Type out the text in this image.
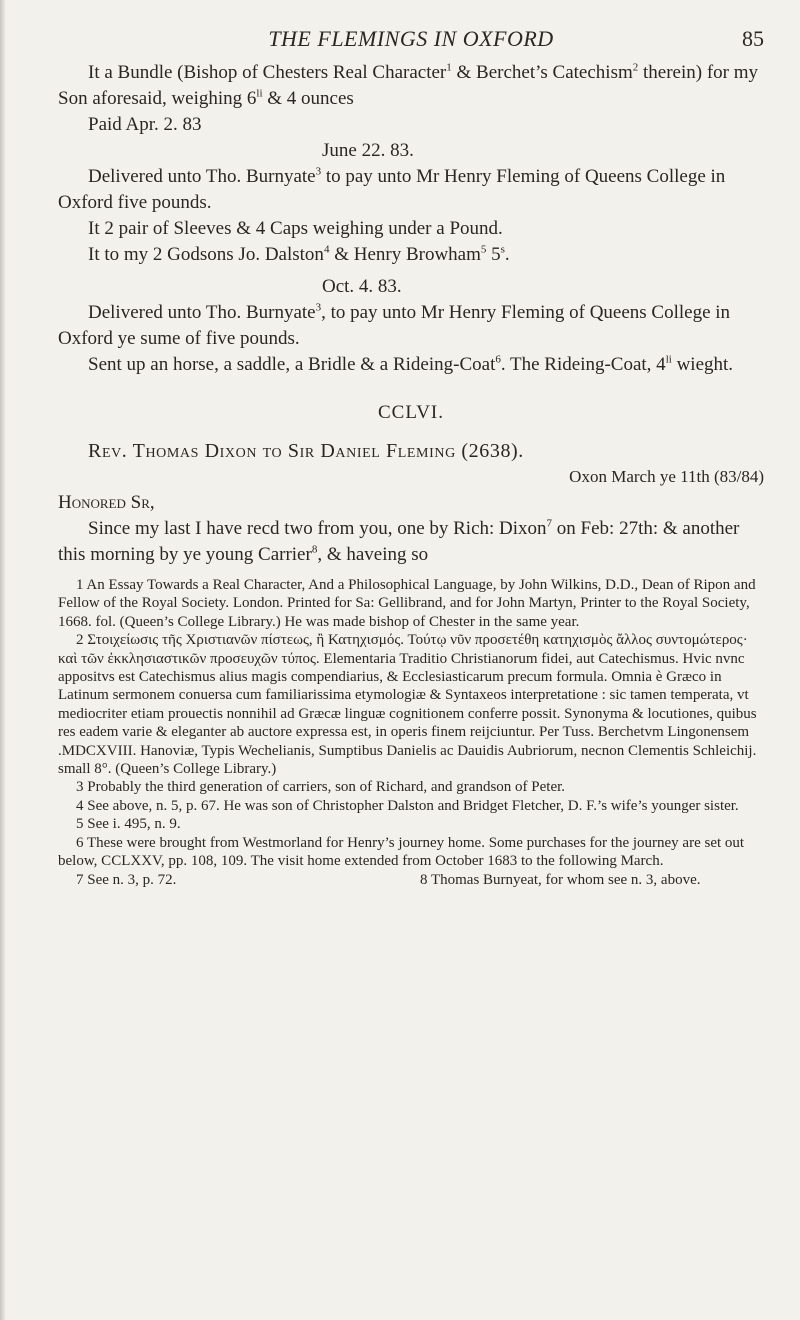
THE FLEMINGS IN OXFORD	85

It a Bundle (Bishop of Chesters Real Character$^1$ & Berchet’s Catechism$^2$ therein) for my Son aforesaid, weighing $6^{li}$ & 4 ounces

Paid Apr. 2. 83

June 22. 83.

Delivered unto Tho. Burnyate$^3$ to pay unto Mr Henry Fleming of Queens College in Oxford five pounds.

It 2 pair of Sleeves & 4 Caps weighing under a Pound.

It to my 2 Godsons Jo. Dalston$^4$ & Henry Browham$^5$ 5$^s$.

Oct. 4. 83.

Delivered unto Tho. Burnyate$^3$, to pay unto Mr Henry Fleming of Queens College in Oxford ye sume of five pounds.

Sent up an horse, a saddle, a Bridle & a Rideing-Coat$^6$. The Rideing-Coat, $4^{li}$ wieght.

CCLVI.

Rev. Thomas Dixon to Sir Daniel Fleming (2638).

Oxon March ye 11th (83/84)

Honored Sr,

Since my last I have recd two from you, one by Rich: Dixon$^7$ on Feb: 27th: & another this morning by ye young Carrier$^8$, & haveing so

1 An Essay Towards a Real Character, And a Philosophical Language, by John Wilkins, D.D., Dean of Ripon and Fellow of the Royal Society. London. Printed for Sa: Gellibrand, and for John Martyn, Printer to the Royal Society, 1668. fol. (Queen’s College Library.) He was made bishop of Chester in the same year.

2 Στοιχείωσις τῆς Χριστιανῶν πίστεως, ἢ Κατηχισμός. Τούτῳ νῦν προσετέθη κατηχισμὸς ἄλλος συντομώτερος· καὶ τῶν ἐκκλησιαστικῶν προσευχῶν τύπος. Elementaria Traditio Christianorum fidei, aut Catechismus. Hvic nvnc appositvs est Catechismus alius magis compendiarius, & Ecclesiasticarum precum formula. Omnia è Græco in Latinum sermonem conuersa cum familiarissima etymologiæ & Syntaxeos interpretatione : sic tamen temperata, vt mediocriter etiam prouectis nonnihil ad Græcæ linguæ cognitionem conferre possit. Synonyma & locutiones, quibus res eadem varie & eleganter ab auctore expressa est, in operis finem reijciuntur. Per Tuss. Berchetvm Lingonensem .MDCXVIII. Hanoviæ, Typis Wechelianis, Sumptibus Danielis ac Dauidis Aubriorum, necnon Clementis Schleichij. small 8°. (Queen’s College Library.)

3 Probably the third generation of carriers, son of Richard, and grandson of Peter.

4 See above, n. 5, p. 67. He was son of Christopher Dalston and Bridget Fletcher, D. F.’s wife’s younger sister.

5 See i. 495, n. 9.

6 These were brought from Westmorland for Henry’s journey home. Some purchases for the journey are set out below, CCLXXV, pp. 108, 109. The visit home extended from October 1683 to the following March.

7 See n. 3, p. 72.	8 Thomas Burnyeat, for whom see n. 3, above.
